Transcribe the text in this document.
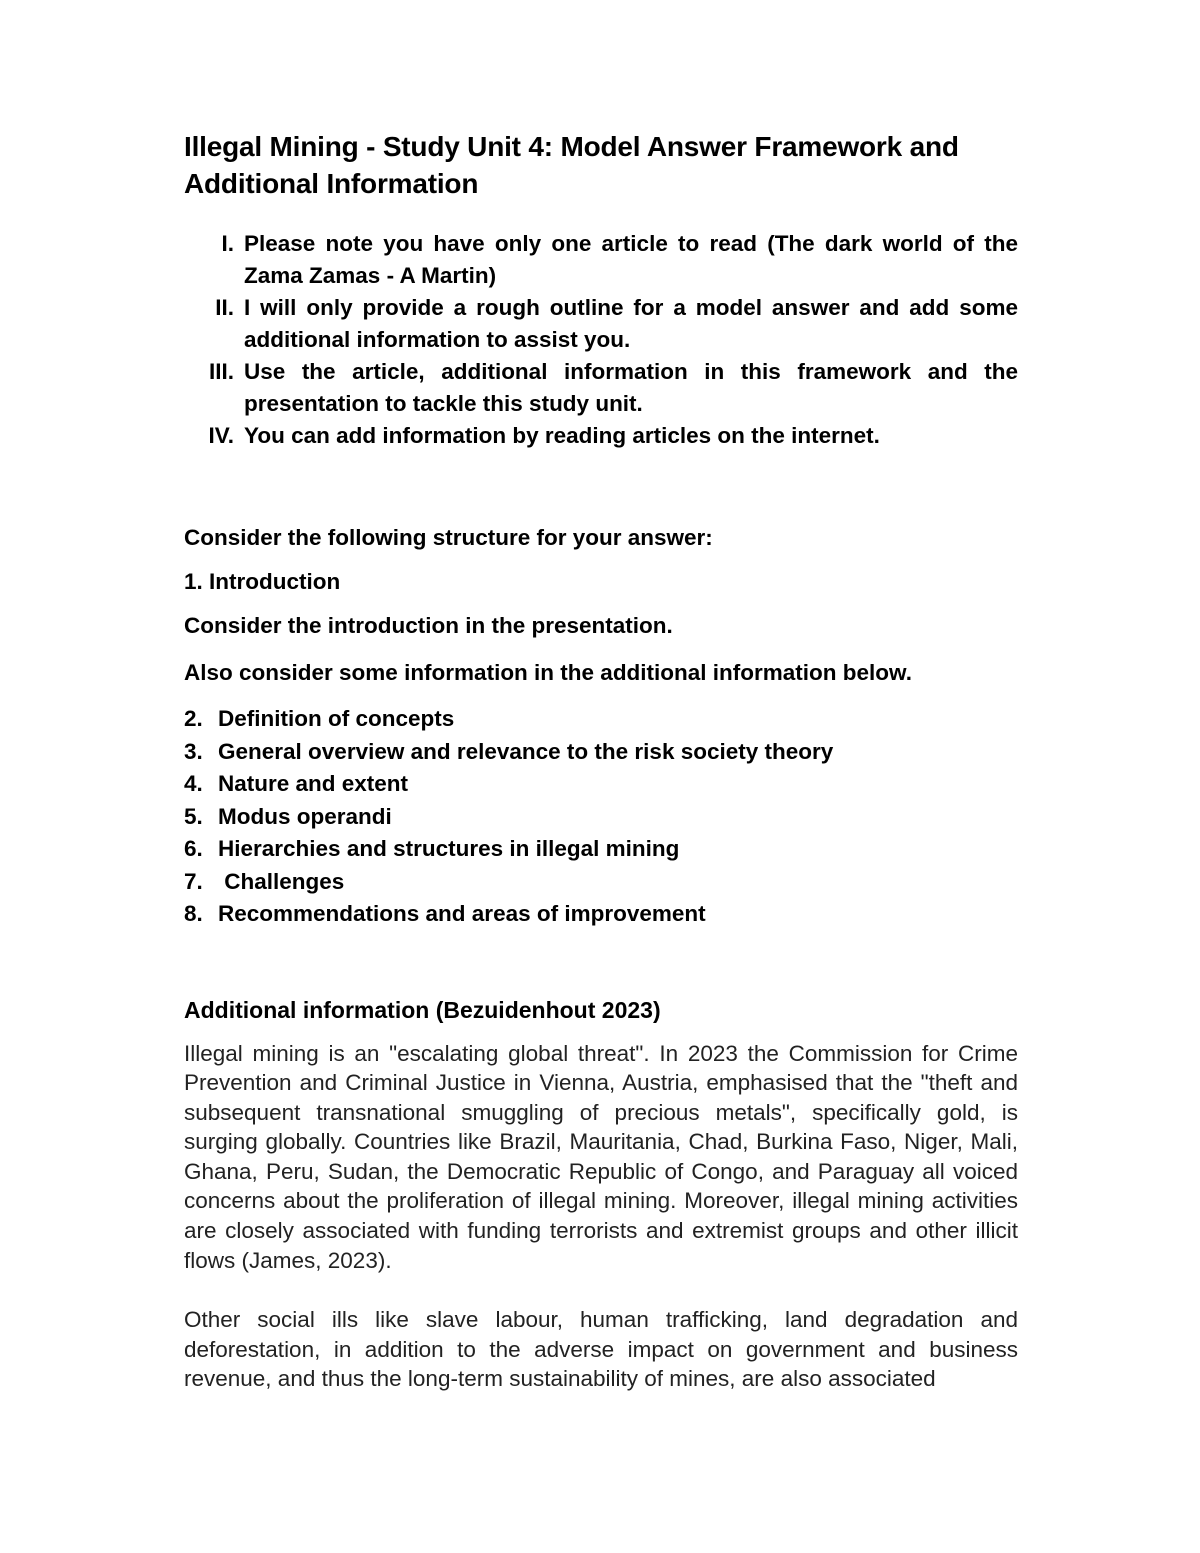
Illegal Mining - Study Unit 4: Model Answer Framework and Additional Information
I. Please note you have only one article to read (The dark world of the Zama Zamas - A Martin)
II. I will only provide a rough outline for a model answer and add some additional information to assist you.
III. Use the article, additional information in this framework and the presentation to tackle this study unit.
IV. You can add information by reading articles on the internet.

Consider the following structure for your answer:

1. Introduction

Consider the introduction in the presentation.

Also consider some information in the additional information below.

2. Definition of concepts
3. General overview and relevance to the risk society theory
4. Nature and extent
5. Modus operandi
6. Hierarchies and structures in illegal mining
7. Challenges
8. Recommendations and areas of improvement
Additional information (Bezuidenhout 2023)

Illegal mining is an "escalating global threat". In 2023 the Commission for Crime Prevention and Criminal Justice in Vienna, Austria, emphasised that the "theft and subsequent transnational smuggling of precious metals", specifically gold, is surging globally. Countries like Brazil, Mauritania, Chad, Burkina Faso, Niger, Mali, Ghana, Peru, Sudan, the Democratic Republic of Congo, and Paraguay all voiced concerns about the proliferation of illegal mining. Moreover, illegal mining activities are closely associated with funding terrorists and extremist groups and other illicit flows (James, 2023).

Other social ills like slave labour, human trafficking, land degradation and deforestation, in addition to the adverse impact on government and business revenue, and thus the long-term sustainability of mines, are also associated
